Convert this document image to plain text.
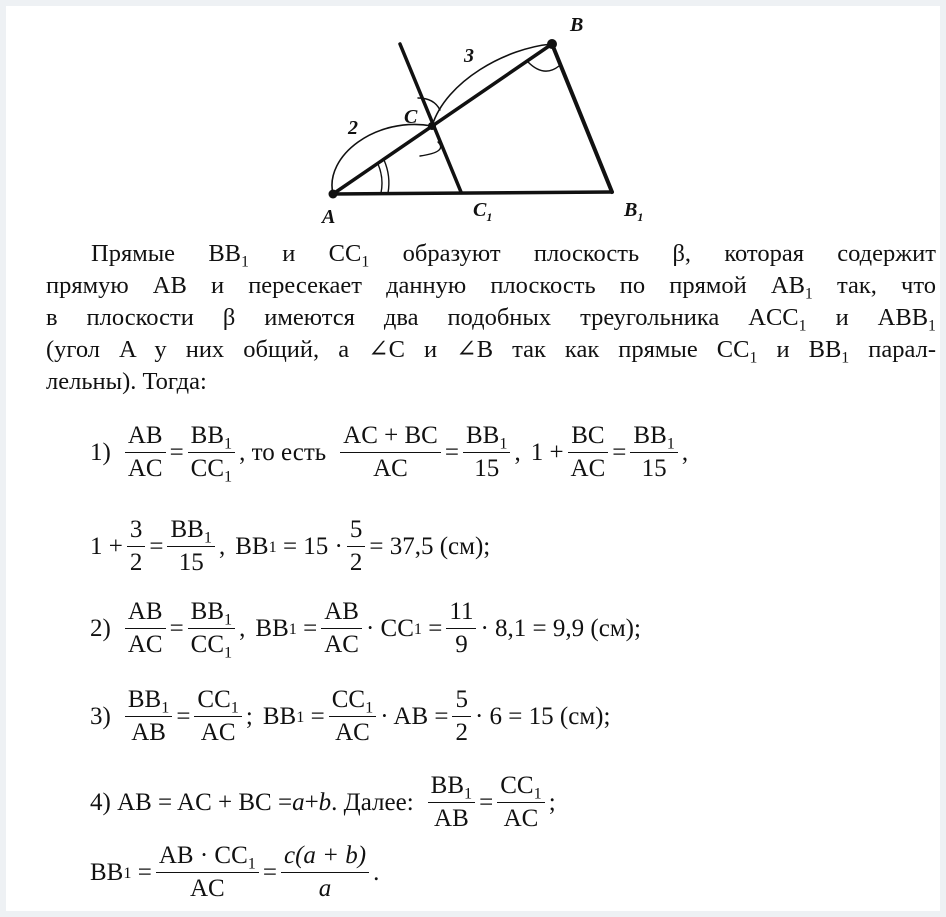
A
B
C
$C_1$	$B_1$
2
3
Прямые $BB_1$ и $CC_1$ образуют плоскость β, которая содержит
прямую AB и пересекает данную плоскость по прямой $AB_1$ так, что
в плоскости β имеются два подобных треугольника $ACC_1$ и $ABB_1$
(угол A у них общий, а ∠C и ∠B так как прямые $CC_1$ и $BB_1$ парал-
лельны). Тогда:
$1) \frac{AB}{AC} = \frac{BB_1}{CC_1}$ , то есть $\frac{AC + BC}{AC} = \frac{BB_1}{15}$ , $1 + \frac{BC}{AC} = \frac{BB_1}{15}$ ,
$1 + \frac{3}{2} = \frac{BB_1}{15}$ , BB 1
= $15 \cdot \frac{5}{2} = 37,5$ (см);
$2) \frac{AB}{AC} = \frac{BB_1}{CC_1}$ , BB 1
= $\frac{AB}{AC}$ · CC 1
= $\frac{11}{9} \cdot 8,1 = 9,9$ (см);
$3) \frac{BB_1}{AB} = \frac{CC_1}{AC}$ ; BB 1
= $\frac{CC_1}{AC}$ · AB = $\frac{5}{2} \cdot 6 = 15$ (см);
4)
AB = AC + BC = a + b . Далее: $\frac{BB_1}{AB} = \frac{CC_1}{AC}$ ;
BB 1
= $\frac{AB \cdot CC_1}{AC} = \frac{c(a + b)}{a}$ .
